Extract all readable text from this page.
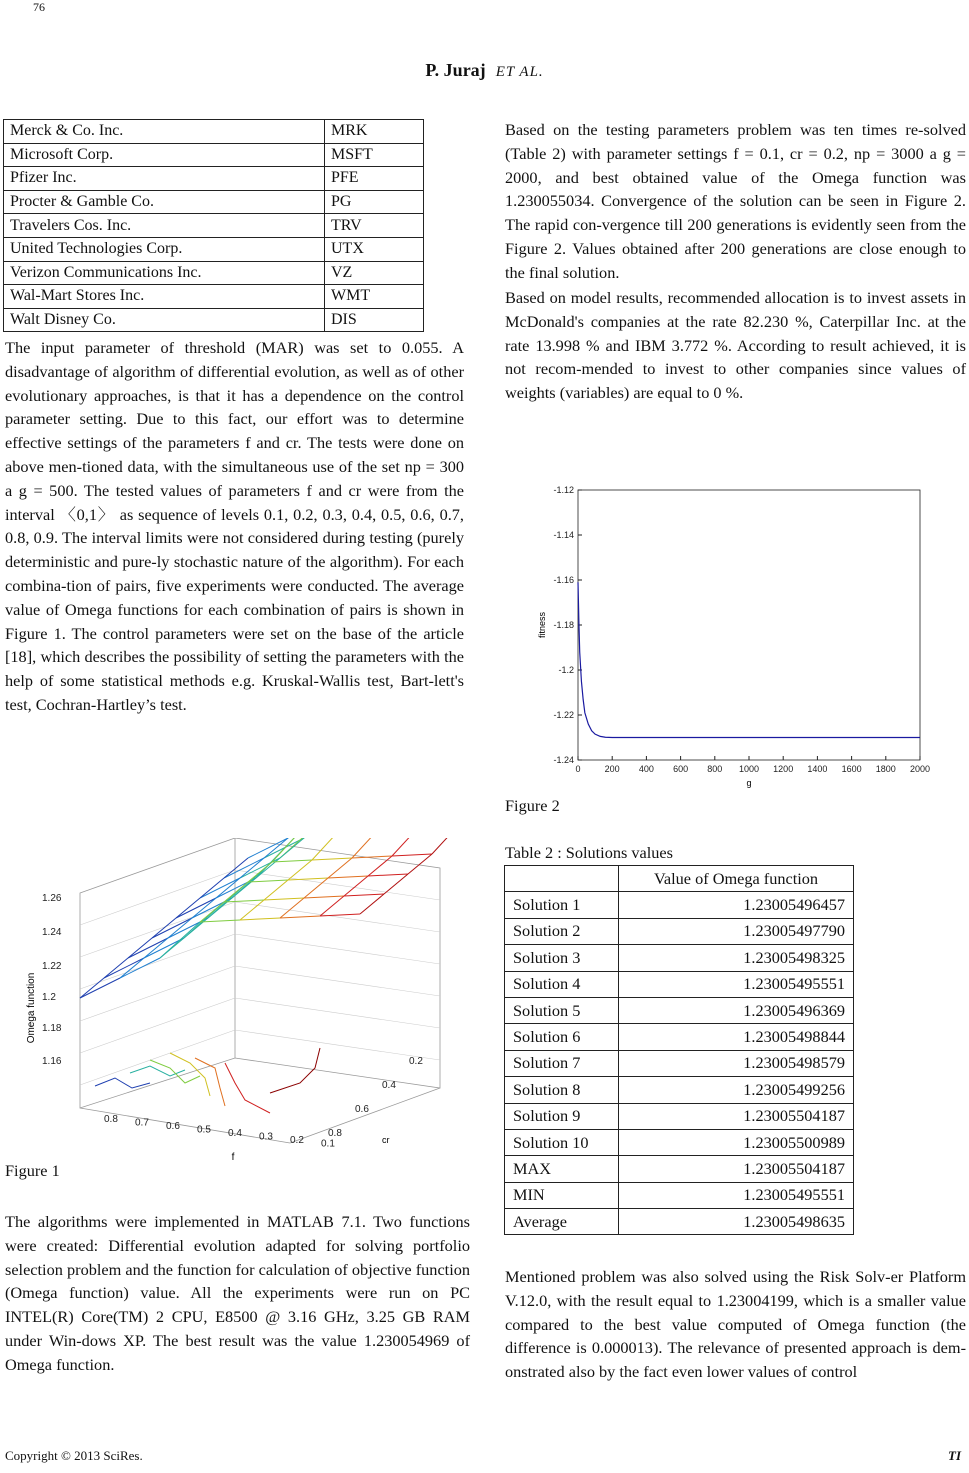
76
P. Juraj ET AL.
Merck & Co. Inc.	MRK
Microsoft Corp.	MSFT
Pfizer Inc.	PFE
Procter & Gamble Co.	PG
Travelers Cos. Inc.	TRV
United Technologies Corp.	UTX
Verizon Communications Inc.	VZ
Wal-Mart Stores Inc.	WMT
Walt Disney Co.	DIS

The input parameter of threshold (MAR) was set to 0.055. A disadvantage of algorithm of differential evolution, as well as of other evolutionary approaches, is that it has a dependence on the control parameter setting. Due to this fact, our effort was to determine effective settings of the parameters f and cr. The tests were done on above men-tioned data, with the simultaneous use of the set np = 300 a g = 500. The tested values of parameters f and cr were from the interval 〈0,1〉 as sequence of levels 0.1, 0.2, 0.3, 0.4, 0.5, 0.6, 0.7, 0.8, 0.9. The interval limits were not considered during testing (purely deterministic and pure-ly stochastic nature of the algorithm). For each combina-tion of pairs, five experiments were conducted. The average value of Omega functions for each combination of pairs is shown in Figure 1. The control parameters were set on the base of the article [18], which describes the possibility of setting the parameters with the help of some statistical methods e.g. Kruskal-Wallis test, Bart-lett's test, Cochran-Hartley’s test.

1.26
1.24
1.22
1.2
1.18
1.16
0.8 0.7 0.6 0.5 0.4 0.3 0.2 0.1
0.8
0.6
0.4
0.2
Omega function
f
cr
Figure 1

The algorithms were implemented in MATLAB 7.1. Two functions were created: Differential evolution adapted for solving portfolio selection problem and the function for calculation of objective function (Omega function) value. All the experiments were run on PC INTEL(R) Core(TM) 2 CPU, E8500 @ 3.16 GHz, 3.25 GB RAM under Win-dows XP. The best result was the value 1.230054969 of Omega function.

Based on the testing parameters problem was ten times re-solved (Table 2) with parameter settings f = 0.1, cr = 0.2, np = 3000 a g = 2000, and best obtained value of the Omega function was 1.230055034. Convergence of the solution can be seen in Figure 2. The rapid con-vergence till 200 generations is evidently seen from the Figure 2. Values obtained after 200 generations are close enough to the final solution.

Based on model results, recommended allocation is to invest assets in McDonald's companies at the rate 82.230 %, Caterpillar Inc. at the rate 13.998 % and IBM 3.772 %. According to result achieved, it is not recom-mended to invest to other companies since values of weights (variables) are equal to 0 %.

-1.12
-1.14
-1.16
-1.18
-1.2
-1.22
-1.24
0	200 400 600 800 1000 1200 1400 1600 1800 2000
fitness
g
Figure 2
Table 2 : Solutions values
	Value of Omega function
Solution 1	1.23005496457
Solution 2	1.23005497790
Solution 3	1.23005498325
Solution 4	1.23005495551
Solution 5	1.23005496369
Solution 6	1.23005498844
Solution 7	1.23005498579
Solution 8	1.23005499256
Solution 9	1.23005504187
Solution 10	1.23005500989
MAX	1.23005504187
MIN	1.23005495551
Average	1.23005498635

Mentioned problem was also solved using the Risk Solv-er Platform V.12.0, with the result equal to 1.23004199, which is a smaller value compared to the best value computed of Omega function (the difference is 0.000013). The relevance of presented approach is dem-onstrated also by the fact even lower values of control

Copyright © 2013 SciRes.	TI
